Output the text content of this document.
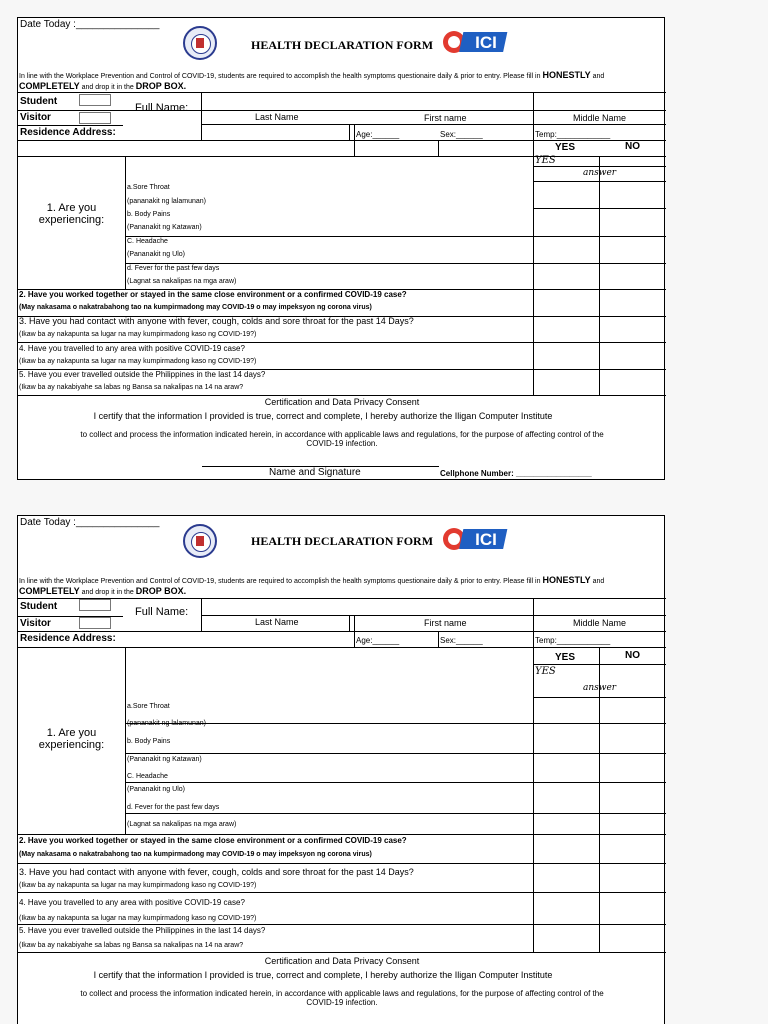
Date Today :_______________
HEALTH DECLARATION FORM ICI
In line with the Workplace Prevention and Control of COVID-19, students are required to accomplish the health symptoms questionaire daily & prior to entry. Please fill in HONESTLY and
COMPLETELY and drop it in the DROP BOX.
Student
Visitor
Full Name:
Last Name	First name	Middle Name
Residence Address:	Age:______	Sex:______	Temp:____________
YES	NO
YES
answer
1. Are you
experiencing:
a.Sore Throat
(pananakit ng lalamunan)
b. Body Pains
(Pananakit ng Katawan)
C. Headache
(Pananakit ng Ulo)
d. Fever for the past few days
(Lagnat sa nakalipas na mga araw)
2. Have you worked together or stayed in the same close environment or a confirmed COVID-19 case?
(May nakasama o nakatrabahong tao na kumpirmadong may COVID-19 o may impeksyon ng corona virus)
3. Have you had contact with anyone with fever, cough, colds and sore throat for the past 14 Days?
(Ikaw ba ay nakapunta sa lugar na may kumpirmadong kaso ng COVID-19?)
4. Have you travelled to any area with positive COVID-19 case?
(Ikaw ba ay nakapunta sa lugar na may kumpirmadong kaso ng COVID-19?)
5. Have you ever travelled outside the Philippines in the last 14 days?
(Ikaw ba ay nakabiyahe sa labas ng Bansa sa nakalipas na 14 na araw?
Certification and Data Privacy Consent
I certify that the information I provided is true, correct and complete, I hereby authorize the Iligan Computer Institute
to collect and process the information indicated herein, in accordance with applicable laws and regulations, for the purpose of affecting control of the
COVID-19 infection.
Name and Signature	Cellphone Number: _________________
Date Today :_______________
HEALTH DECLARATION FORM ICI
In line with the Workplace Prevention and Control of COVID-19, students are required to accomplish the health symptoms questionaire daily & prior to entry. Please fill in HONESTLY and
COMPLETELY and drop it in the DROP BOX.
Student
Visitor
Full Name:
Last Name	First name	Middle Name
Residence Address:	Age:______	Sex:______	Temp:____________
YES	NO
YES
answer
1. Are you
experiencing:
a.Sore Throat
(pananakit ng lalamunan)
b. Body Pains
(Pananakit ng Katawan)
C. Headache
(Pananakit ng Ulo)
d. Fever for the past few days
(Lagnat sa nakalipas na mga araw)
2. Have you worked together or stayed in the same close environment or a confirmed COVID-19 case?
(May nakasama o nakatrabahong tao na kumpirmadong may COVID-19 o may impeksyon ng corona virus)
3. Have you had contact with anyone with fever, cough, colds and sore throat for the past 14 Days?
(Ikaw ba ay nakapunta sa lugar na may kumpirmadong kaso ng COVID-19?)
4. Have you travelled to any area with positive COVID-19 case?
(Ikaw ba ay nakapunta sa lugar na may kumpirmadong kaso ng COVID-19?)
5. Have you ever travelled outside the Philippines in the last 14 days?
(Ikaw ba ay nakabiyahe sa labas ng Bansa sa nakalipas na 14 na araw?
Certification and Data Privacy Consent
I certify that the information I provided is true, correct and complete, I hereby authorize the Iligan Computer Institute
to collect and process the information indicated herein, in accordance with applicable laws and regulations, for the purpose of affecting control of the
COVID-19 infection.
